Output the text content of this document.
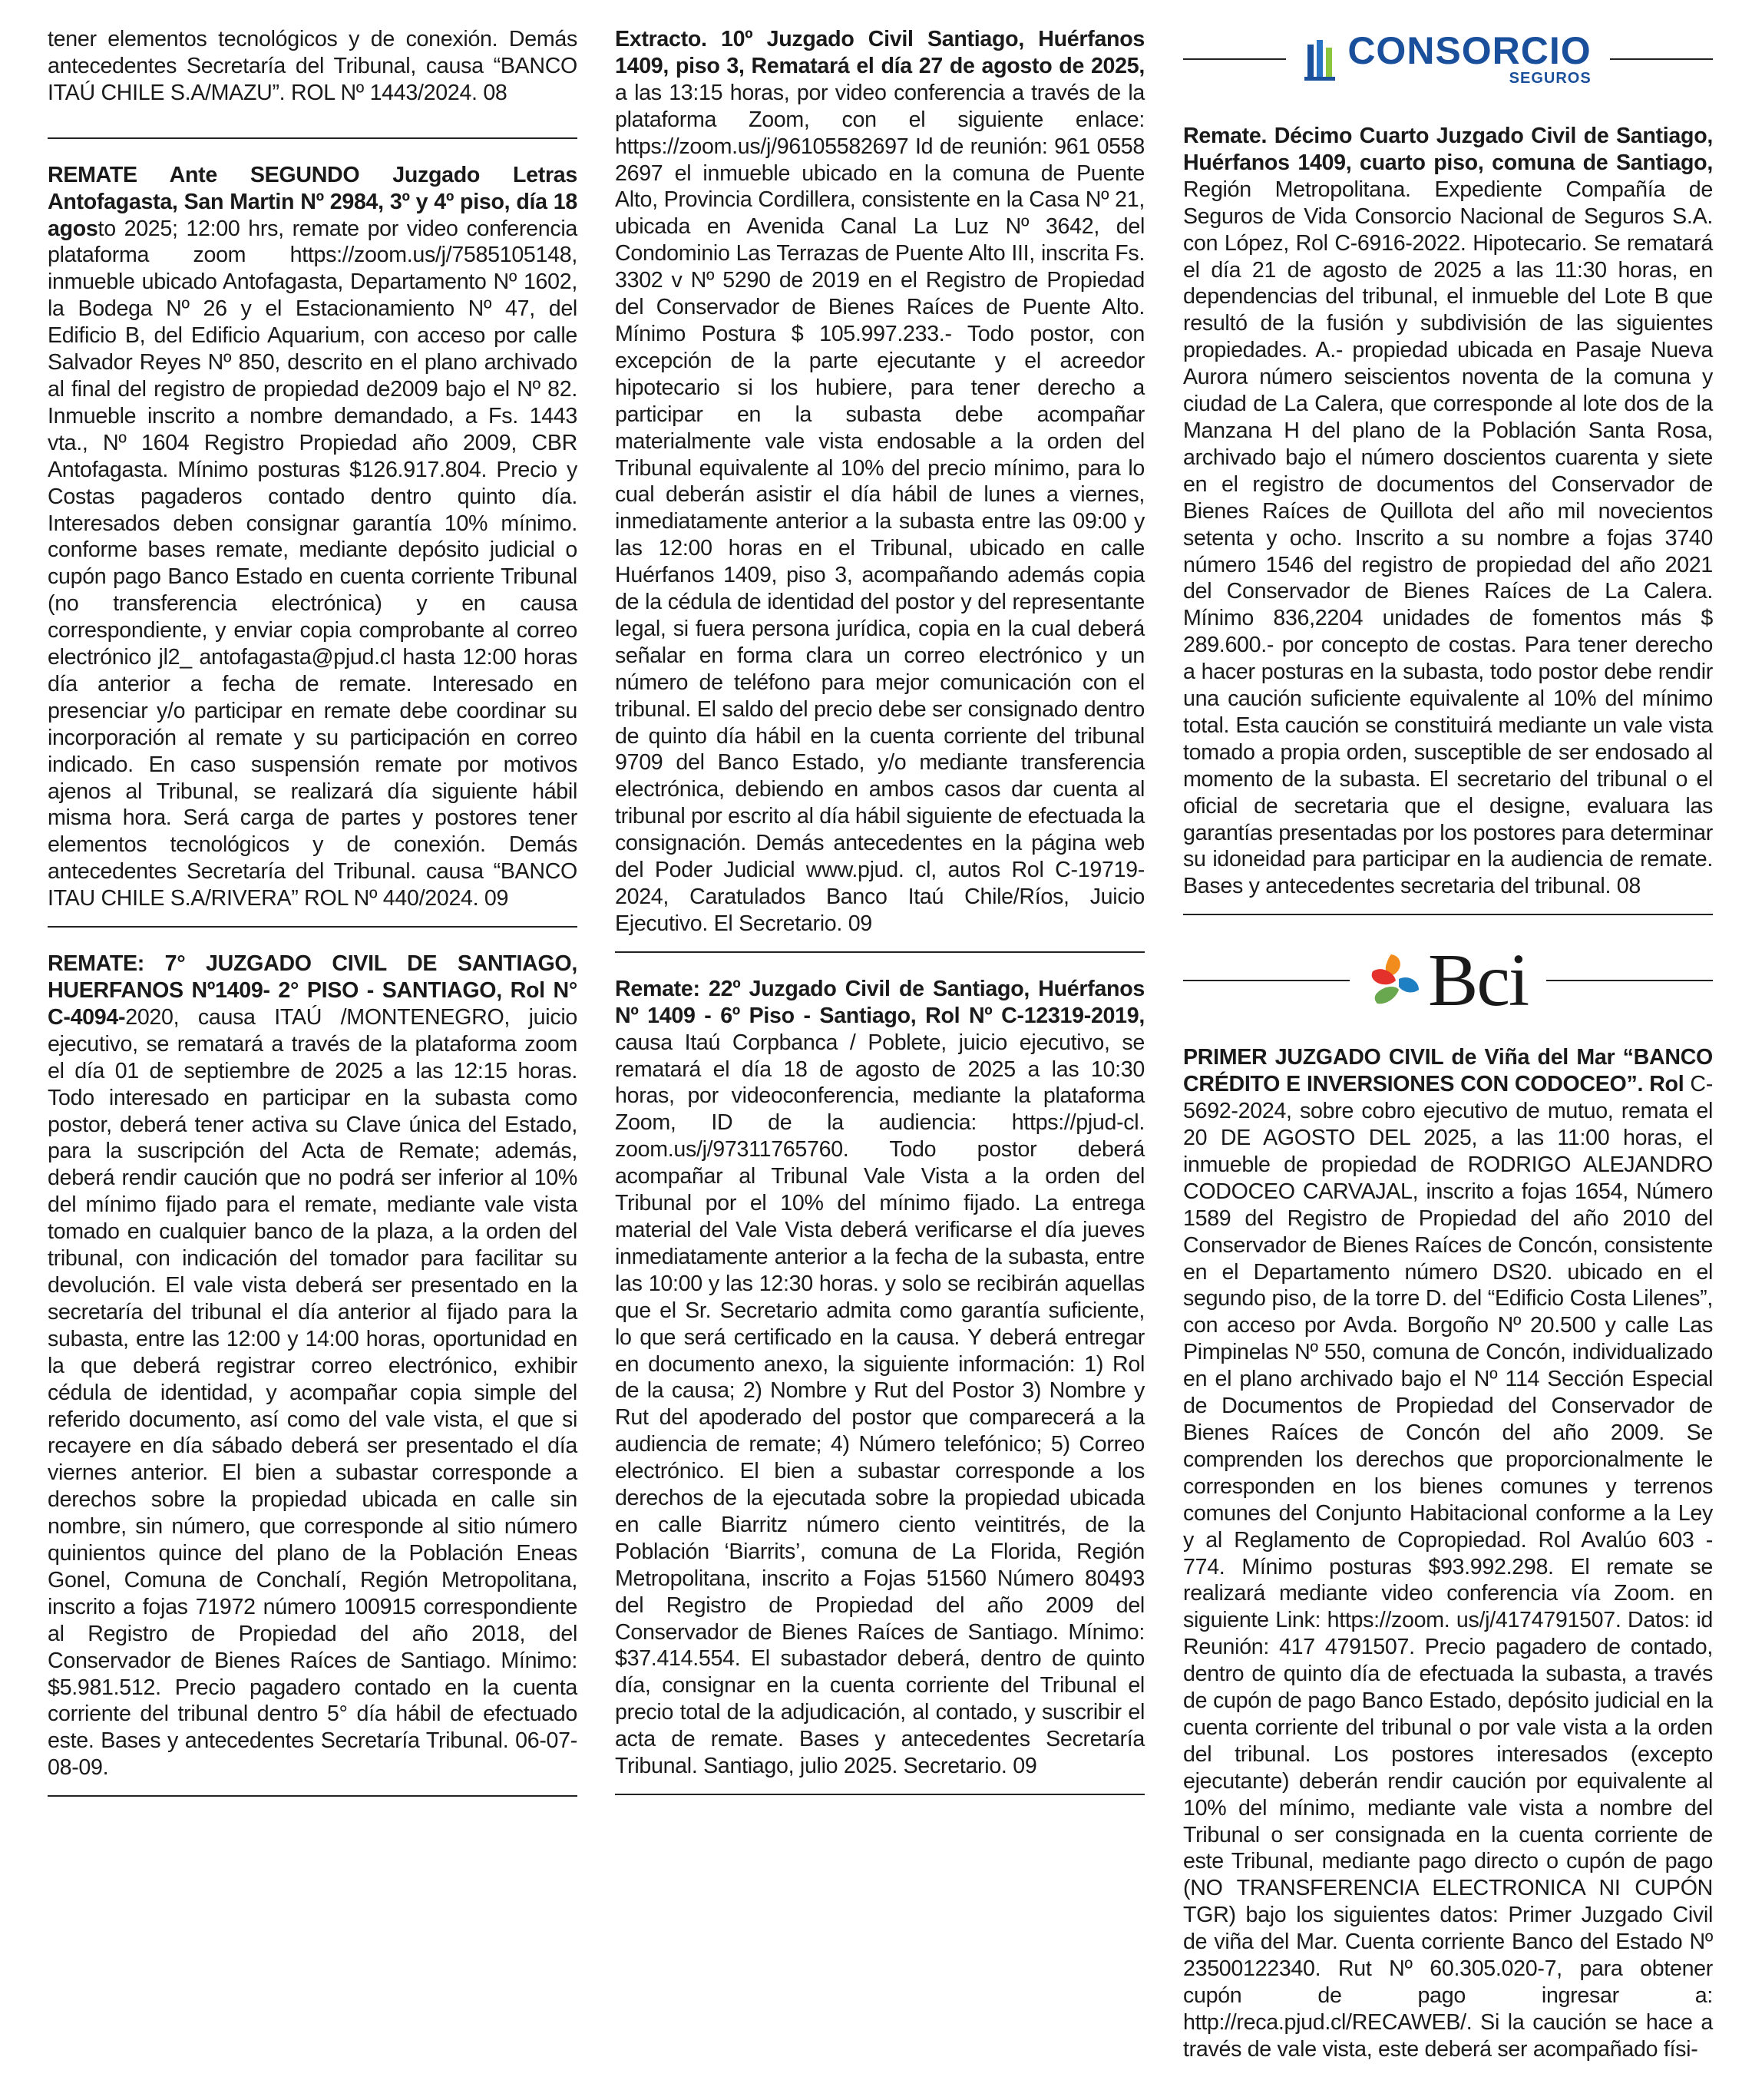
tener elementos tecnológicos y de conexión. Demás antecedentes Secretaría del Tribunal, causa “BANCO ITAÚ CHILE S.A/MAZU”. ROL Nº 1443/2024. 08

REMATE Ante SEGUNDO Juzgado Letras Antofagasta, San Martin Nº 2984, 3º y 4º piso, día 18 agosto 2025; 12:00 hrs, remate por video conferencia plataforma zoom https://zoom.us/j/7585105148, inmueble ubicado Antofagasta, Departamento Nº 1602, la Bodega Nº 26 y el Estacionamiento Nº 47, del Edificio B, del Edificio Aquarium, con acceso por calle Salvador Reyes Nº 850, descrito en el plano archivado al final del registro de propiedad de2009 bajo el Nº 82. Inmueble inscrito a nombre demandado, a Fs. 1443 vta., Nº 1604 Registro Propiedad año 2009, CBR Antofagasta. Mínimo posturas $126.917.804. Precio y Costas pagaderos contado dentro quinto día. Interesados deben consignar garantía 10% mínimo. conforme bases remate, mediante depósito judicial o cupón pago Banco Estado en cuenta corriente Tribunal (no transferencia electrónica) y en causa correspondiente, y enviar copia comprobante al correo electrónico jl2_ antofagasta@pjud.cl hasta 12:00 horas día anterior a fecha de remate. Interesado en presenciar y/o participar en remate debe coordinar su incorporación al remate y su participación en correo indicado. En caso suspensión remate por motivos ajenos al Tribunal, se realizará día siguiente hábil misma hora. Será carga de partes y postores tener elementos tecnológicos y de conexión. Demás antecedentes Secretaría del Tribunal. causa “BANCO ITAU CHILE S.A/RIVERA” ROL Nº 440/2024. 09

REMATE: 7° JUZGADO CIVIL DE SANTIAGO, HUERFANOS Nº1409- 2° PISO - SANTIAGO, Rol N° C-4094-2020, causa ITAÚ /MONTENEGRO, juicio ejecutivo, se rematará a través de la plataforma zoom el día 01 de septiembre de 2025 a las 12:15 horas. Todo interesado en participar en la subasta como postor, deberá tener activa su Clave única del Estado, para la suscripción del Acta de Remate; además, deberá rendir caución que no podrá ser inferior al 10% del mínimo fijado para el remate, mediante vale vista tomado en cualquier banco de la plaza, a la orden del tribunal, con indicación del tomador para facilitar su devolución. El vale vista deberá ser presentado en la secretaría del tribunal el día anterior al fijado para la subasta, entre las 12:00 y 14:00 horas, oportunidad en la que deberá registrar correo electrónico, exhibir cédula de identidad, y acompañar copia simple del referido documento, así como del vale vista, el que si recayere en día sábado deberá ser presentado el día viernes anterior. El bien a subastar corresponde a derechos sobre la propiedad ubicada en calle sin nombre, sin número, que corresponde al sitio número quinientos quince del plano de la Población Eneas Gonel, Comuna de Conchalí, Región Metropolitana, inscrito a fojas 71972 número 100915 correspondiente al Registro de Propiedad del año 2018, del Conservador de Bienes Raíces de Santiago. Mínimo: $5.981.512. Precio pagadero contado en la cuenta corriente del tribunal dentro 5° día hábil de efectuado este. Bases y antecedentes Secretaría Tribunal. 06-07-08-09.

Extracto. 10º Juzgado Civil Santiago, Huérfanos 1409, piso 3, Rematará el día 27 de agosto de 2025, a las 13:15 horas, por video conferencia a través de la plataforma Zoom, con el siguiente enlace: https://zoom.us/j/96105582697 Id de reunión: 961 0558 2697 el inmueble ubicado en la comuna de Puente Alto, Provincia Cordillera, consistente en la Casa Nº 21, ubicada en Avenida Canal La Luz Nº 3642, del Condominio Las Terrazas de Puente Alto III, inscrita Fs. 3302 v Nº 5290 de 2019 en el Registro de Propiedad del Conservador de Bienes Raíces de Puente Alto. Mínimo Postura $ 105.997.233.- Todo postor, con excepción de la parte ejecutante y el acreedor hipotecario si los hubiere, para tener derecho a participar en la subasta debe acompañar materialmente vale vista endosable a la orden del Tribunal equivalente al 10% del precio mínimo, para lo cual deberán asistir el día hábil de lunes a viernes, inmediatamente anterior a la subasta entre las 09:00 y las 12:00 horas en el Tribunal, ubicado en calle Huérfanos 1409, piso 3, acompañando además copia de la cédula de identidad del postor y del representante legal, si fuera persona jurídica, copia en la cual deberá señalar en forma clara un correo electrónico y un número de teléfono para mejor comunicación con el tribunal. El saldo del precio debe ser consignado dentro de quinto día hábil en la cuenta corriente del tribunal 9709 del Banco Estado, y/o mediante transferencia electrónica, debiendo en ambos casos dar cuenta al tribunal por escrito al día hábil siguiente de efectuada la consignación. Demás antecedentes en la página web del Poder Judicial www.pjud. cl, autos Rol C-19719-2024, Caratulados Banco Itaú Chile/Ríos, Juicio Ejecutivo. El Secretario. 09

Remate: 22º Juzgado Civil de Santiago, Huérfanos Nº 1409 - 6º Piso - Santiago, Rol Nº C-12319-2019, causa Itaú Corpbanca / Poblete, juicio ejecutivo, se rematará el día 18 de agosto de 2025 a las 10:30 horas, por videoconferencia, mediante la plataforma Zoom, ID de la audiencia: https://pjud-cl. zoom.us/j/97311765760. Todo postor deberá acompañar al Tribunal Vale Vista a la orden del Tribunal por el 10% del mínimo fijado. La entrega material del Vale Vista deberá verificarse el día jueves inmediatamente anterior a la fecha de la subasta, entre las 10:00 y las 12:30 horas. y solo se recibirán aquellas que el Sr. Secretario admita como garantía suficiente, lo que será certificado en la causa. Y deberá entregar en documento anexo, la siguiente información: 1) Rol de la causa; 2) Nombre y Rut del Postor 3) Nombre y Rut del apoderado del postor que comparecerá a la audiencia de remate; 4) Número telefónico; 5) Correo electrónico. El bien a subastar corresponde a los derechos de la ejecutada sobre la propiedad ubicada en calle Biarritz número ciento veintitrés, de la Población ‘Biarrits’, comuna de La Florida, Región Metropolitana, inscrito a Fojas 51560 Número 80493 del Registro de Propiedad del año 2009 del Conservador de Bienes Raíces de Santiago. Mínimo: $37.414.554. El subastador deberá, dentro de quinto día, consignar en la cuenta corriente del Tribunal el precio total de la adjudicación, al contado, y suscribir el acta de remate. Bases y antecedentes Secretaría Tribunal. Santiago, julio 2025. Secretario. 09

CONSORCIO
SEGUROS

Remate. Décimo Cuarto Juzgado Civil de Santiago, Huérfanos 1409, cuarto piso, comuna de Santiago, Región Metropolitana. Expediente Compañía de Seguros de Vida Consorcio Nacional de Seguros S.A. con López, Rol C-6916-2022. Hipotecario. Se rematará el día 21 de agosto de 2025 a las 11:30 horas, en dependencias del tribunal, el inmueble del Lote B que resultó de la fusión y subdivisión de las siguientes propiedades. A.- propiedad ubicada en Pasaje Nueva Aurora número seiscientos noventa de la comuna y ciudad de La Calera, que corresponde al lote dos de la Manzana H del plano de la Población Santa Rosa, archivado bajo el número doscientos cuarenta y siete en el registro de documentos del Conservador de Bienes Raíces de Quillota del año mil novecientos setenta y ocho. Inscrito a su nombre a fojas 3740 número 1546 del registro de propiedad del año 2021 del Conservador de Bienes Raíces de La Calera. Mínimo 836,2204 unidades de fomentos más $ 289.600.- por concepto de costas. Para tener derecho a hacer posturas en la subasta, todo postor debe rendir una caución suficiente equivalente al 10% del mínimo total. Esta caución se constituirá mediante un vale vista tomado a propia orden, susceptible de ser endosado al momento de la subasta. El secretario del tribunal o el oficial de secretaria que el designe, evaluara las garantías presentadas por los postores para determinar su idoneidad para participar en la audiencia de remate. Bases y antecedentes secretaria del tribunal. 08

Bci

PRIMER JUZGADO CIVIL de Viña del Mar “BANCO CRÉDITO E INVERSIONES CON CODOCEO”. Rol C-5692-2024, sobre cobro ejecutivo de mutuo, remata el 20 DE AGOSTO DEL 2025, a las 11:00 horas, el inmueble de propiedad de RODRIGO ALEJANDRO CODOCEO CARVAJAL, inscrito a fojas 1654, Número 1589 del Registro de Propiedad del año 2010 del Conservador de Bienes Raíces de Concón, consistente en el Departamento número DS20. ubicado en el segundo piso, de la torre D. del “Edificio Costa Lilenes”, con acceso por Avda. Borgoño Nº 20.500 y calle Las Pimpinelas Nº 550, comuna de Concón, individualizado en el plano archivado bajo el Nº 114 Sección Especial de Documentos de Propiedad del Conservador de Bienes Raíces de Concón del año 2009. Se comprenden los derechos que proporcionalmente le corresponden en los bienes comunes y terrenos comunes del Conjunto Habitacional conforme a la Ley y al Reglamento de Copropiedad. Rol Avalúo 603 - 774. Mínimo posturas $93.992.298. El remate se realizará mediante video conferencia vía Zoom. en siguiente Link: https://zoom. us/j/4174791507. Datos: id Reunión: 417 4791507. Precio pagadero de contado, dentro de quinto día de efectuada la subasta, a través de cupón de pago Banco Estado, depósito judicial en la cuenta corriente del tribunal o por vale vista a la orden del tribunal. Los postores interesados (excepto ejecutante) deberán rendir caución por equivalente al 10% del mínimo, mediante vale vista a nombre del Tribunal o ser consignada en la cuenta corriente de este Tribunal, mediante pago directo o cupón de pago (NO TRANSFERENCIA ELECTRONICA NI CUPÓN TGR) bajo los siguientes datos: Primer Juzgado Civil de viña del Mar. Cuenta corriente Banco del Estado Nº 23500122340. Rut Nº 60.305.020-7, para obtener cupón de pago ingresar a: http://reca.pjud.cl/RECAWEB/. Si la caución se hace a través de vale vista, este deberá ser acompañado físi-
